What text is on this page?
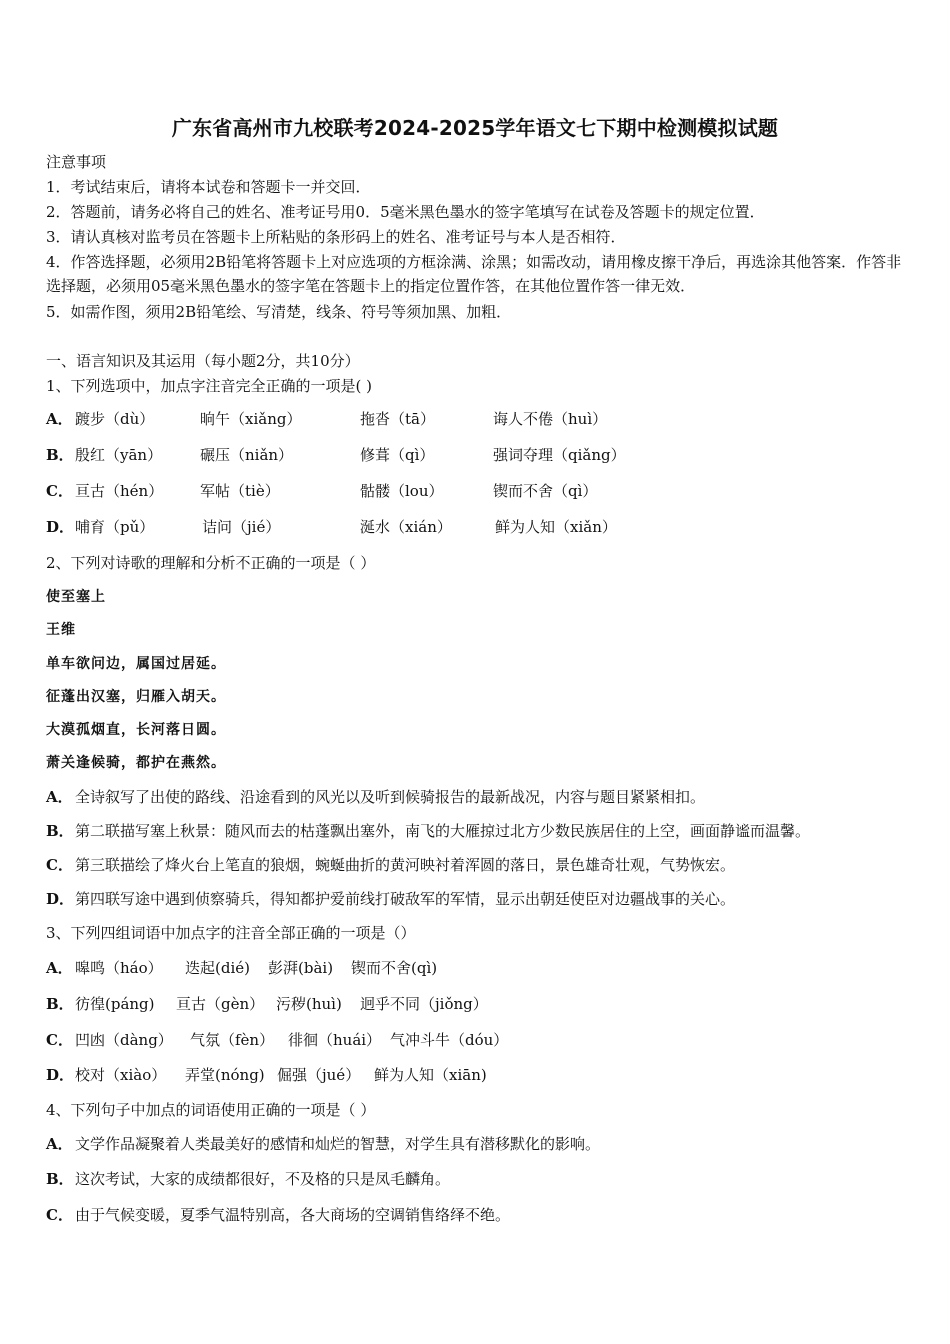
广东省高州市九校联考2024-2025学年语文七下期中检测模拟试题
注意事项
1．考试结束后，请将本试卷和答题卡一并交回．
2．答题前，请务必将自己的姓名、准考证号用0．5毫米黑色墨水的签字笔填写在试卷及答题卡的规定位置．
3．请认真核对监考员在答题卡上所粘贴的条形码上的姓名、准考证号与本人是否相符．
4．作答选择题，必须用2B铅笔将答题卡上对应选项的方框涂满、涂黑；如需改动，请用橡皮擦干净后，再选涂其他答案．作答非选择题，必须用05毫米黑色墨水的签字笔在答题卡上的指定位置作答，在其他位置作答一律无效．
5．如需作图，须用2B铅笔绘、写清楚，线条、符号等须加黑、加粗．
一、语言知识及其运用（每小题2分，共10分）
1、下列选项中，加点字注音完全正确的一项是( )
A． 踱步（dù）	晌午（xiǎng）	拖沓（tā）	诲人不倦（huì）
B． 殷红（yān）	碾压（niǎn）	修葺（qì）	强词夺理（qiǎng）
C． 亘古（hén） 军帖（tiè）	骷髅（lou）	锲而不舍（qì）
D． 哺育（pǔ）	诘问（jié）	涎水（xián）	鲜为人知（xiǎn）
2、下列对诗歌的理解和分析不正确的一项是（ ）
使至塞上
王维
单车欲问边，属国过居延。
征蓬出汉塞，归雁入胡天。
大漠孤烟直，长河落日圆。
萧关逢候骑，都护在燕然。
A． 全诗叙写了出使的路线、沿途看到的风光以及听到候骑报告的最新战况，内容与题目紧紧相扣。
B． 第二联描写塞上秋景：随风而去的枯蓬飘出塞外，南飞的大雁掠过北方少数民族居住的上空，画面静谧而温馨。
C． 第三联描绘了烽火台上笔直的狼烟，蜿蜒曲折的黄河映衬着浑圆的落日，景色雄奇壮观，气势恢宏。
D． 第四联写途中遇到侦察骑兵，得知都护爱前线打破敌军的军情，显示出朝廷使臣对边疆战事的关心。
3、下列四组词语中加点字的注音全部正确的一项是（）
A． 嗥鸣（háo） 迭起(dié) 彭湃(bài) 锲而不舍(qì)
B． 彷徨(páng) 亘古（gèn） 污秽(huì) 迥乎不同（jiǒng）
C． 凹凼（dàng） 气氛（fèn） 徘徊（huái） 气冲斗牛（dóu）
D． 校对（xiào） 弄堂(nóng) 倔强（jué） 鲜为人知（xiān)
4、下列句子中加点的词语使用正确的一项是（ ）
A． 文学作品凝聚着人类最美好的感情和灿烂的智慧，对学生具有潜移默化的影响。
B． 这次考试，大家的成绩都很好，不及格的只是凤毛麟角。
C． 由于气候变暖，夏季气温特别高，各大商场的空调销售络绎不绝。
